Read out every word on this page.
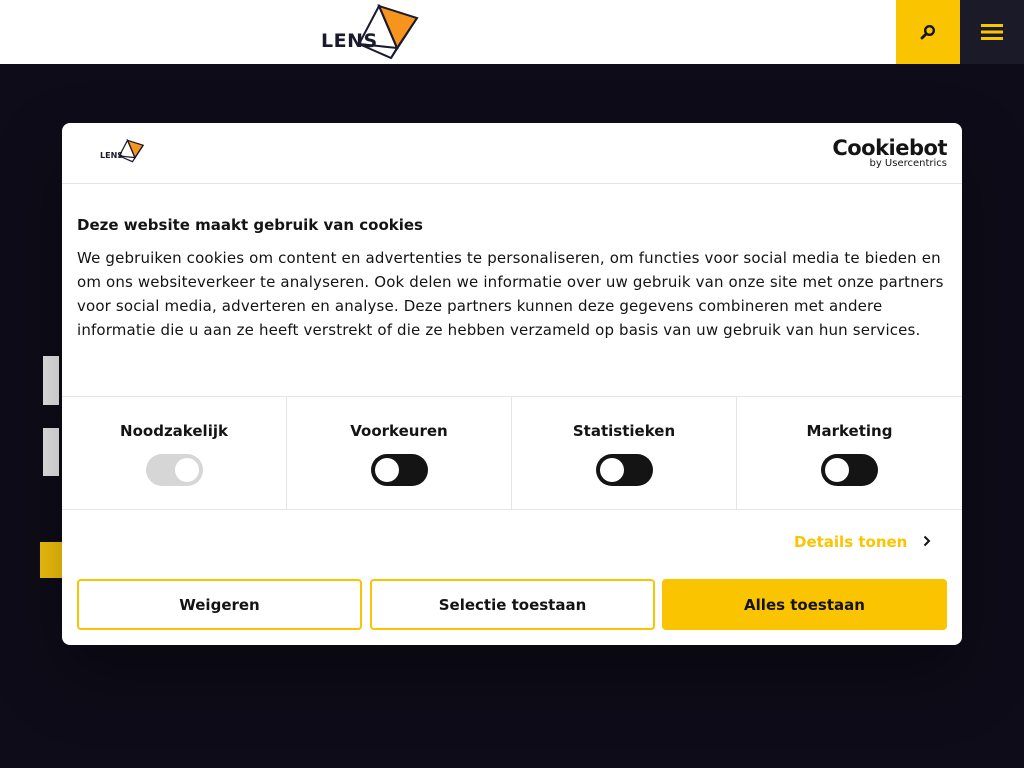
LENS
LENS	Cookiebot
by Usercentrics
Deze website maakt gebruik van cookies
We gebruiken cookies om content en advertenties te personaliseren, om functies voor social media te bieden en om ons websiteverkeer te analyseren. Ook delen we informatie over uw gebruik van onze site met onze partners voor social media, adverteren en analyse. Deze partners kunnen deze gegevens combineren met andere informatie die u aan ze heeft verstrekt of die ze hebben verzameld op basis van uw gebruik van hun services.
Noodzakelijk	Voorkeuren	Statistieken	Marketing
Details tonen
Weigeren	Selectie toestaan	Alles toestaan
